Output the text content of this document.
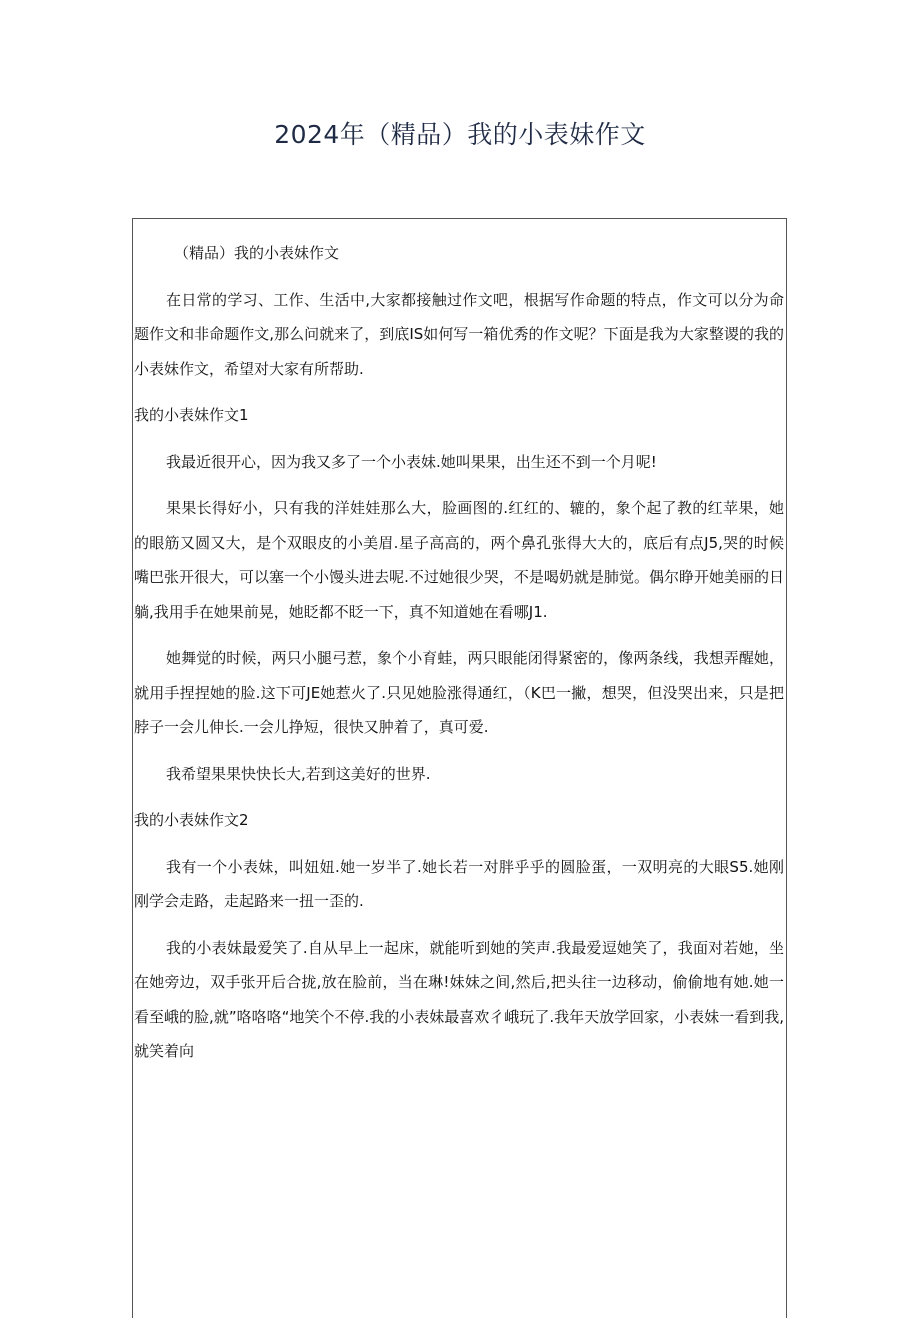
2024年（精品）我的小表妹作文

（精品）我的小表妹作文

在日常的学习、工作、生活中,大家都接触过作文吧，根据写作命题的特点，作文可以分为命题作文和非命题作文,那么问就来了，到底IS如何写一箱优秀的作文呢？下面是我为大家整谡的我的小表妹作文，希望对大家有所帮助.

我的小表妹作文1

我最近很开心，因为我又多了一个小表妹.她叫果果，出生还不到一个月呢!

果果长得好小，只有我的洋娃娃那么大，脸画图的.红红的、辘的，象个起了教的红苹果，她的眼筋又圆又大，是个双眼皮的小美眉.星子高高的，两个鼻孔张得大大的，底后有点J5,哭的时候嘴巴张开很大，可以塞一个小馒头进去呢.不过她很少哭，不是喝奶就是肺觉。偶尔睁开她美丽的日躺,我用手在她果前晃，她眨都不眨一下，真不知道她在看哪J1.

她舞觉的时候，两只小腿弓惹，象个小育蛙，两只眼能闭得紧密的，像两条线，我想弄醒她，就用手捏捏她的脸.这下可JE她惹火了.只见她脸涨得通红，（K巴一撇，想哭，但没哭出来，只是把脖子一会儿伸长.一会儿挣短，很快又肿着了，真可爱.

我希望果果快快长大,若到这美好的世界.

我的小表妹作文2

我有一个小表妹，叫妞妞.她一岁半了.她长若一对胖乎乎的圆脸蛋，一双明亮的大眼S5.她刚刚学会走路，走起路来一扭一歪的.

我的小表妹最爱笑了.自从早上一起床，就能听到她的笑声.我最爱逗她笑了，我面对若她，坐在她旁边，双手张开后合拢,放在脸前，当在琳!妹妹之间,然后,把头往一边移动，偷偷地有她.她一看至峨的脸,就”咯咯咯“地笑个不停.我的小表妹最喜欢彳峨玩了.我年天放学回家，小表妹一看到我,就笑着向
